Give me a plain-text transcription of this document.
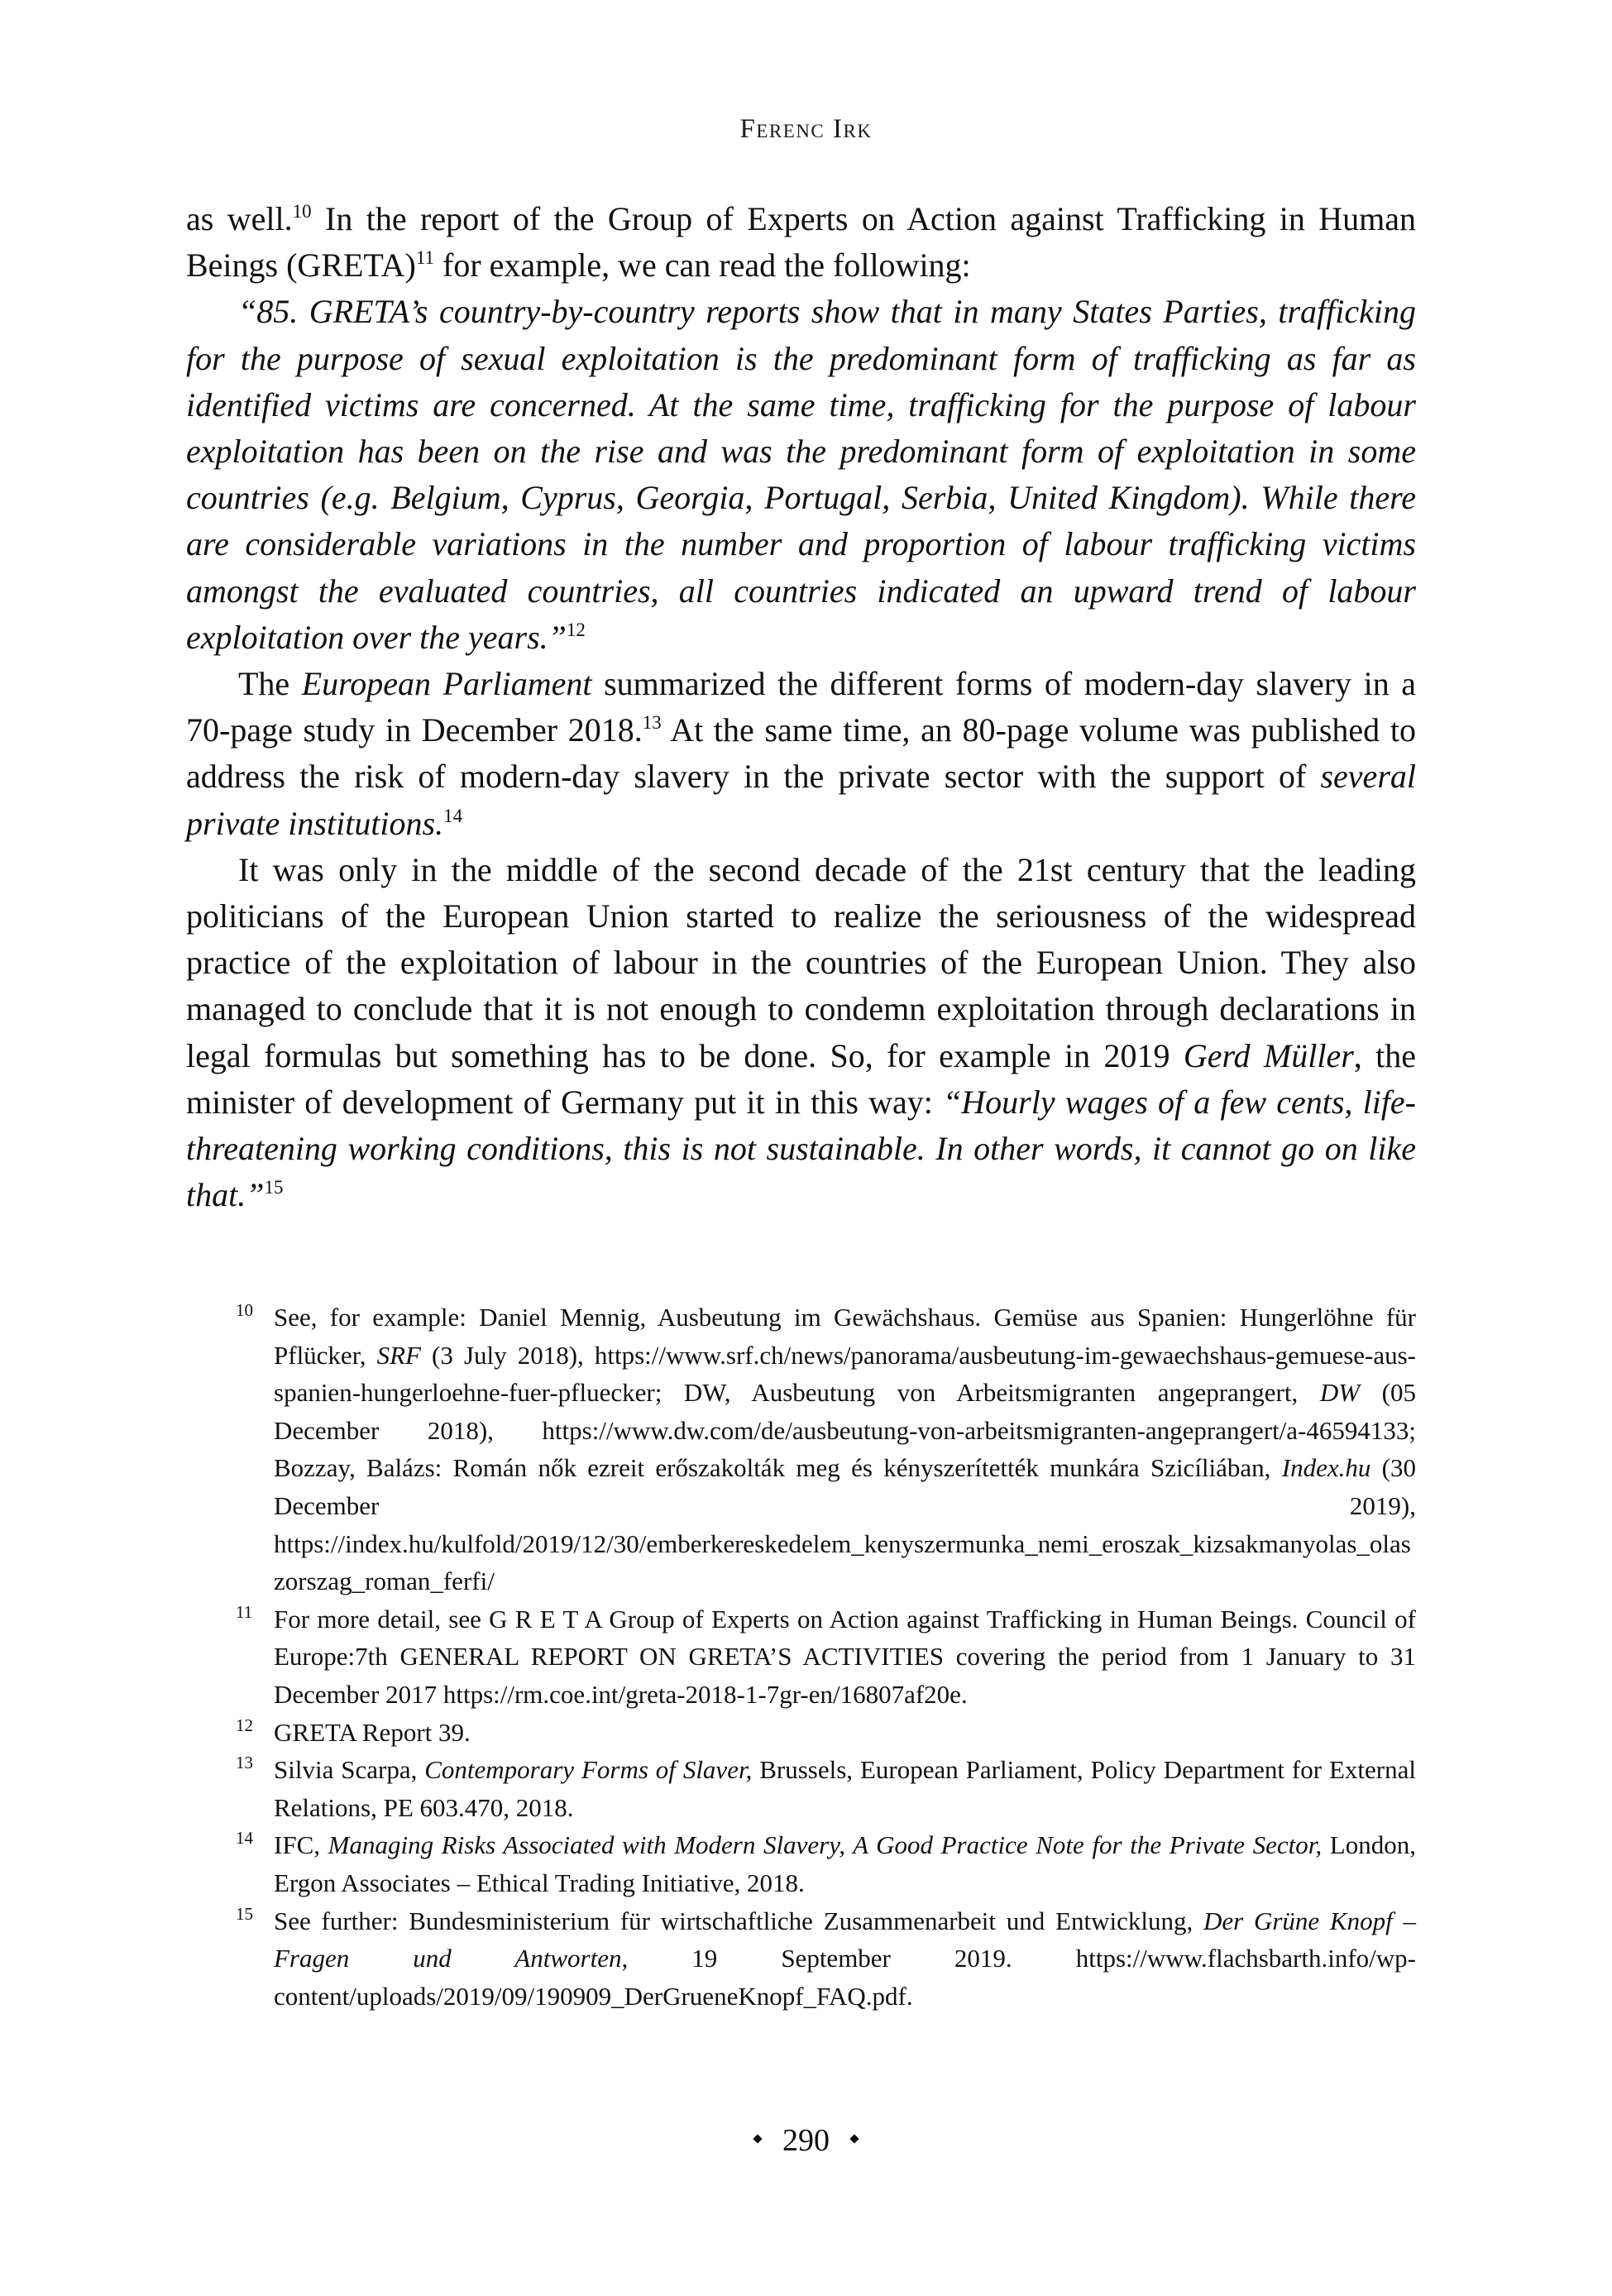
Ferenc Irk

as well.$^{10}$ In the report of the Group of Experts on Action against Trafficking in Human Beings (GRETA)$^{11}$ for example, we can read the following:

“85. GRETA’s country-by-country reports show that in many States Parties, trafficking for the purpose of sexual exploitation is the predominant form of trafficking as far as identified victims are concerned. At the same time, trafficking for the purpose of labour exploitation has been on the rise and was the predominant form of exploitation in some countries (e.g. Belgium, Cyprus, Georgia, Portugal, Serbia, United Kingdom). While there are considerable variations in the number and proportion of labour trafficking victims amongst the evaluated countries, all countries indicated an upward trend of labour exploitation over the years.”$^{12}$

The European Parliament summarized the different forms of modern-day slavery in a 70-page study in December 2018.13 At the same time, an 80-page volume was published to address the risk of modern-day slavery in the private sector with the support of several private institutions.$^{14}$

It was only in the middle of the second decade of the 21st century that the leading politicians of the European Union started to realize the seriousness of the widespread practice of the exploitation of labour in the countries of the European Union. They also managed to conclude that it is not enough to condemn exploitation through declarations in legal formulas but something has to be done. So, for example in 2019 Gerd Müller, the minister of development of Germany put it in this way: “Hourly wages of a few cents, life-threatening working conditions, this is not sustainable. In other words, it cannot go on like that.”$^{15}$

10 See, for example: Daniel Mennig, Ausbeutung im Gewächshaus. Gemüse aus Spanien: Hungerlöhne für Pflücker, SRF (3 July 2018), https://www.srf.ch/news/panorama/ausbeutung-im-gewaechshaus-gemuese-aus-spanien-hungerloehne-fuer-pfluecker; DW, Ausbeutung von Arbeitsmigranten angeprangert, DW (05 December 2018), https://www.dw.com/de/ausbeutung-von-arbeitsmigranten-angeprangert/a-46594133; Bozzay, Balázs: Román nők ezreit erőszakolták meg és kényszerítették munkára Szicíliában, Index.hu (30 December 2019), https://index.hu/kulfold/2019/12/30/emberkereskedelem_kenyszermunka_nemi_eroszak_kizsakmanyolas_olaszorszag_roman_ferfi/

11 For more detail, see G R E T A Group of Experts on Action against Trafficking in Human Beings. Council of Europe:7th GENERAL REPORT ON GRETA’S ACTIVITIES covering the period from 1 January to 31 December 2017 https://rm.coe.int/greta-2018-1-7gr-en/16807af20e.

12 GRETA Report 39.

13 Silvia Scarpa, Contemporary Forms of Slaver, Brussels, European Parliament, Policy Department for External Relations, PE 603.470, 2018.

14 IFC, Managing Risks Associated with Modern Slavery, A Good Practice Note for the Private Sector, London, Ergon Associates – Ethical Trading Initiative, 2018.

15 See further: Bundesministerium für wirtschaftliche Zusammenarbeit und Entwicklung, Der Grüne Knopf – Fragen und Antworten, 19 September 2019. https://www.flachsbarth.info/wp-content/uploads/2019/09/190909_DerGrueneKnopf_FAQ.pdf.

290
